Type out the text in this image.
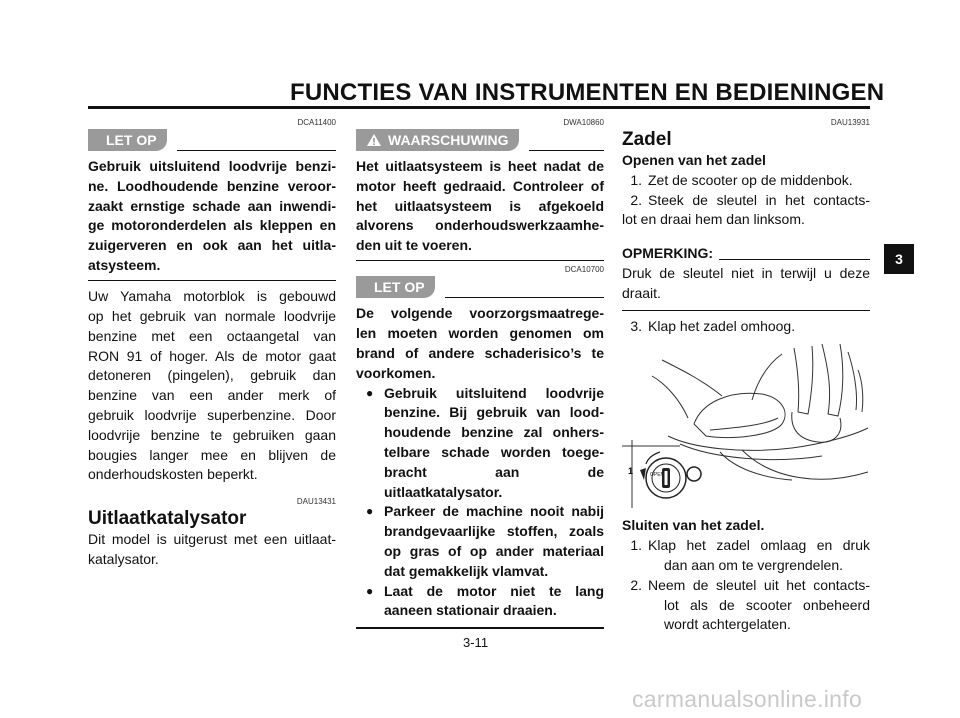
FUNCTIES VAN INSTRUMENTEN EN BEDIENINGEN
DCA11400
LET OP
Gebruik uitsluitend loodvrije benzi-
ne. Loodhoudende benzine veroor-
zaakt ernstige schade aan inwendi-
ge motoronderdelen als kleppen en
zuigerveren en ook aan het uitla-
atsysteem.
Uw Yamaha motorblok is gebouwd
op het gebruik van normale loodvrije
benzine met een octaangetal van
RON 91 of hoger. Als de motor gaat
detoneren (pingelen), gebruik dan
benzine van een ander merk of
gebruik loodvrije superbenzine. Door
loodvrije benzine te gebruiken gaan
bougies langer mee en blijven de
onderhoudskosten beperkt.
DAU13431
Uitlaatkatalysator
Dit model is uitgerust met een uitlaat-
katalysator.
DWA10860
WAARSCHUWING
Het uitlaatsysteem is heet nadat de
motor heeft gedraaid. Controleer of
het uitlaatsysteem is afgekoeld
alvorens onderhoudswerkzaamhe-
den uit te voeren.
DCA10700
LET OP
De volgende voorzorgsmaatrege-
len moeten worden genomen om
brand of andere schaderisico’s te
voorkomen.
● Gebruik uitsluitend loodvrije
benzine. Bij gebruik van lood-
houdende benzine zal onhers-
telbare schade worden toege-
bracht aan de
uitlaatkatalysator.
● Parkeer de machine nooit nabij
brandgevaarlijke stoffen, zoals
op gras of op ander materiaal
dat gemakkelijk vlamvat.
● Laat de motor niet te lang
aaneen stationair draaien.
DAU13931
Zadel
Openen van het zadel
1. Zet de scooter op de middenbok.
2. Steek de sleutel in het contacts-
lot en draai hem dan linksom.
OPMERKING:
Druk de sleutel niet in terwijl u deze
draait.
3. Klap het zadel omhoog.
OPEN
1
Sluiten van het zadel.
1. Klap het zadel omlaag en druk
dan aan om te vergrendelen.
2. Neem de sleutel uit het contacts-
lot als de scooter onbeheerd
wordt achtergelaten.
3
3-11
carmanualsonline.info
